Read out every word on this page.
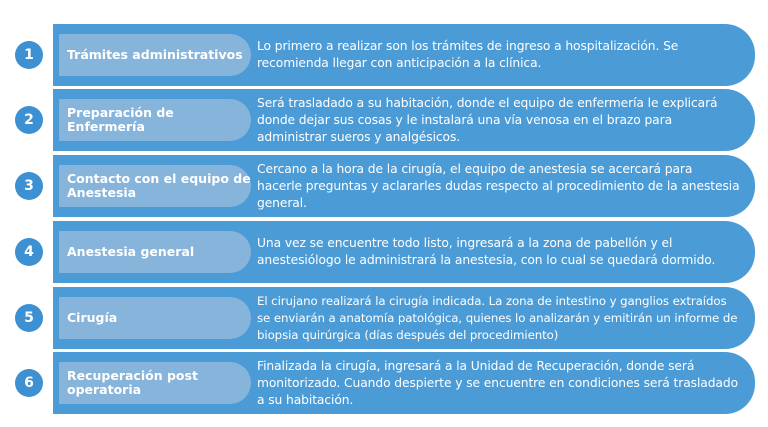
1	Trámites administrativos
Lo primero a realizar son los trámites de ingreso a hospitalización. Se recomienda llegar con anticipación a la clínica.
2	Preparación de Enfermería
Será trasladado a su habitación, donde el equipo de enfermería le explicará donde dejar sus cosas y le instalará una vía venosa en el brazo para administrar sueros y analgésicos.
3	Contacto con el equipo de Anestesia
Cercano a la hora de la cirugía, el equipo de anestesia se acercará para hacerle preguntas y aclararles dudas respecto al procedimiento de la anestesia general.
4	Anestesia general
Una vez se encuentre todo listo, ingresará a la zona de pabellón y el anestesiólogo le administrará la anestesia, con lo cual se quedará dormido.
5	Cirugía
El cirujano realizará la cirugía indicada. La zona de intestino y ganglios extraídos se enviarán a anatomía patológica, quienes lo analizarán y emitirán un informe de biopsia quirúrgica (días después del procedimiento)
6	Recuperación post operatoria
Finalizada la cirugía, ingresará a la Unidad de Recuperación, donde será monitorizado. Cuando despierte y se encuentre en condiciones será trasladado a su habitación.
